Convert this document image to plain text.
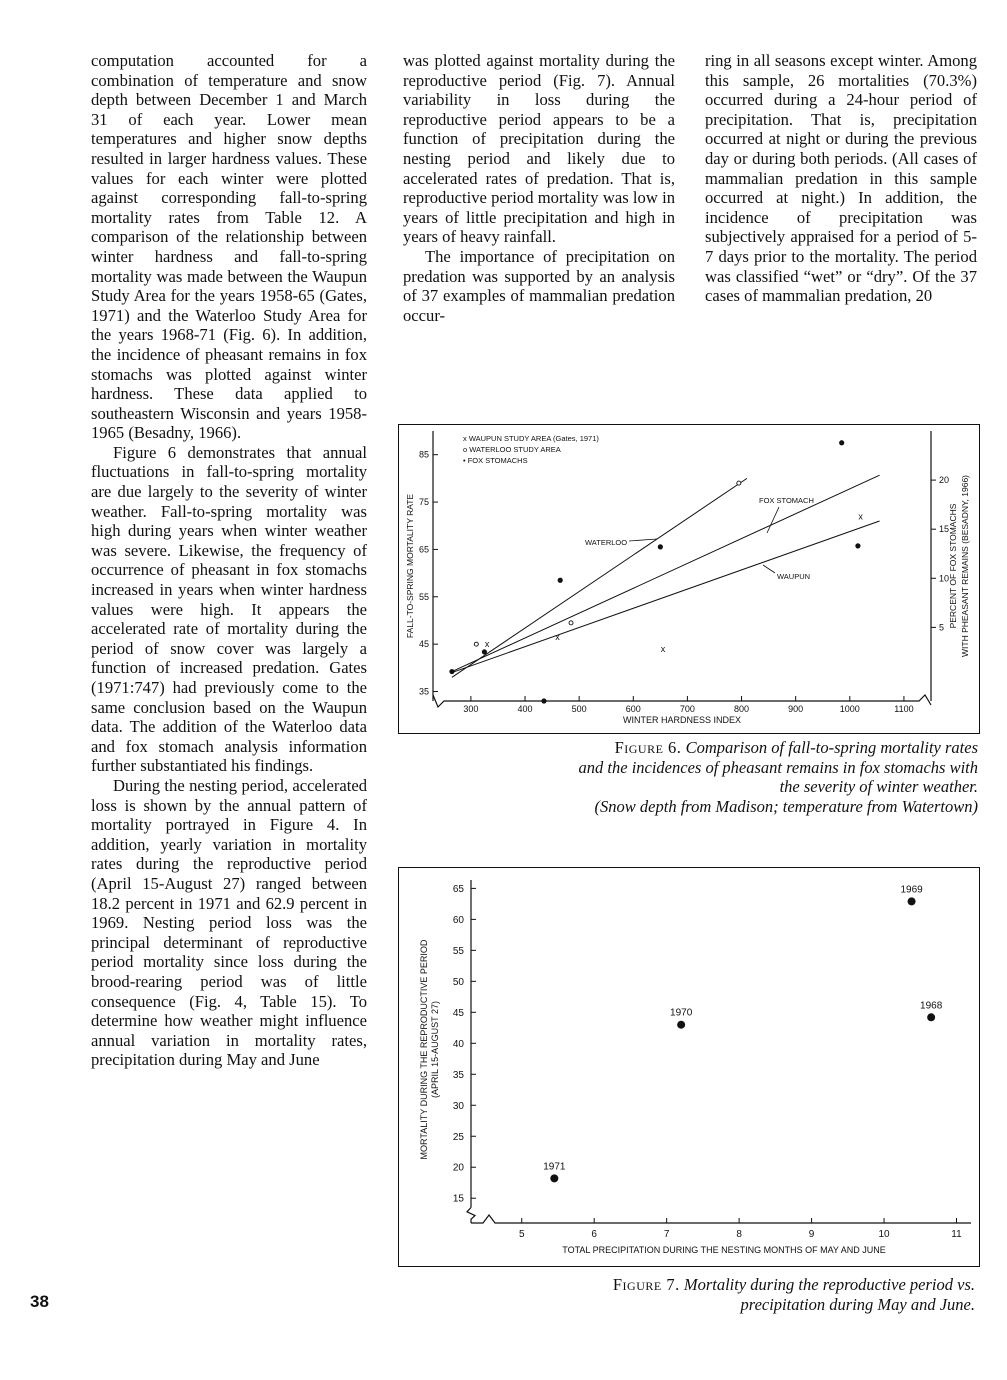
computation accounted for a combination of temperature and snow depth between December 1 and March 31 of each year. Lower mean temperatures and higher snow depths resulted in larger hardness values. These values for each winter were plotted against corresponding fall-to-spring mortality rates from Table 12. A comparison of the relationship between winter hardness and fall-to-spring mortality was made between the Waupun Study Area for the years 1958-65 (Gates, 1971) and the Waterloo Study Area for the years 1968-71 (Fig. 6). In addition, the incidence of pheasant remains in fox stomachs was plotted against winter hardness. These data applied to southeastern Wisconsin and years 1958-1965 (Besadny, 1966).

Figure 6 demonstrates that annual fluctuations in fall-to-spring mortality are due largely to the severity of winter weather. Fall-to-spring mortality was high during years when winter weather was severe. Likewise, the frequency of occurrence of pheasant in fox stomachs increased in years when winter hardness values were high. It appears the accelerated rate of mortality during the period of snow cover was largely a function of increased predation. Gates (1971:747) had previously come to the same conclusion based on the Waupun data. The addition of the Waterloo data and fox stomach analysis information further substantiated his findings.

During the nesting period, accelerated loss is shown by the annual pattern of mortality portrayed in Figure 4. In addition, yearly variation in mortality rates during the reproductive period (April 15-August 27) ranged between 18.2 percent in 1971 and 62.9 percent in 1969. Nesting period loss was the principal determinant of reproductive period mortality since loss during the brood-rearing period was of little consequence (Fig. 4, Table 15). To determine how weather might influence annual variation in mortality rates, precipitation during May and June

was plotted against mortality during the reproductive period (Fig. 7). Annual variability in loss during the reproductive period appears to be a function of precipitation during the nesting period and likely due to accelerated rates of predation. That is, reproductive period mortality was low in years of little precipitation and high in years of heavy rainfall.

The importance of precipitation on predation was supported by an analysis of 37 examples of mammalian predation occur-

ring in all seasons except winter. Among this sample, 26 mortalities (70.3%) occurred during a 24-hour period of precipitation. That is, precipitation occurred at night or during the previous day or during both periods. (All cases of mammalian predation in this sample occurred at night.) In addition, the incidence of precipitation was subjectively appraised for a period of 5-7 days prior to the mortality. The period was classified “wet” or “dry”. Of the 37 cases of mammalian predation, 20

35
45
55
65
75
85
5
10
15
20
300	400	500	600	700	800	900	1000	1100
WINTER HARDNESS INDEX
FALL-TO-SPRING MORTALITY RATE	PERCENT OF FOX STOMACHS WITH PHEASANT REMAINS (BESADNY, 1966)
x WAUPUN STUDY AREA (Gates, 1971)
o WATERLOO STUDY AREA
• FOX STOMACHS
WATERLOO
FOX STOMACH
WAUPUN
x
x
x
x
Figure 6. Comparison of fall-to-spring mortality rates
and the incidences of pheasant remains in fox stomachs with
the severity of winter weather.
(Snow depth from Madison; temperature from Watertown)
15
20
25
30
35
40
45
50
55
60
65
5	6	7	8	9	10	11
TOTAL PRECIPITATION DURING THE NESTING MONTHS OF MAY AND JUNE
MORTALITY DURING THE REPRODUCTIVE PERIOD (APRIL 15-AUGUST 27)
1971
1970
1969
1968
Figure 7. Mortality during the reproductive period vs.
precipitation during May and June.
38
